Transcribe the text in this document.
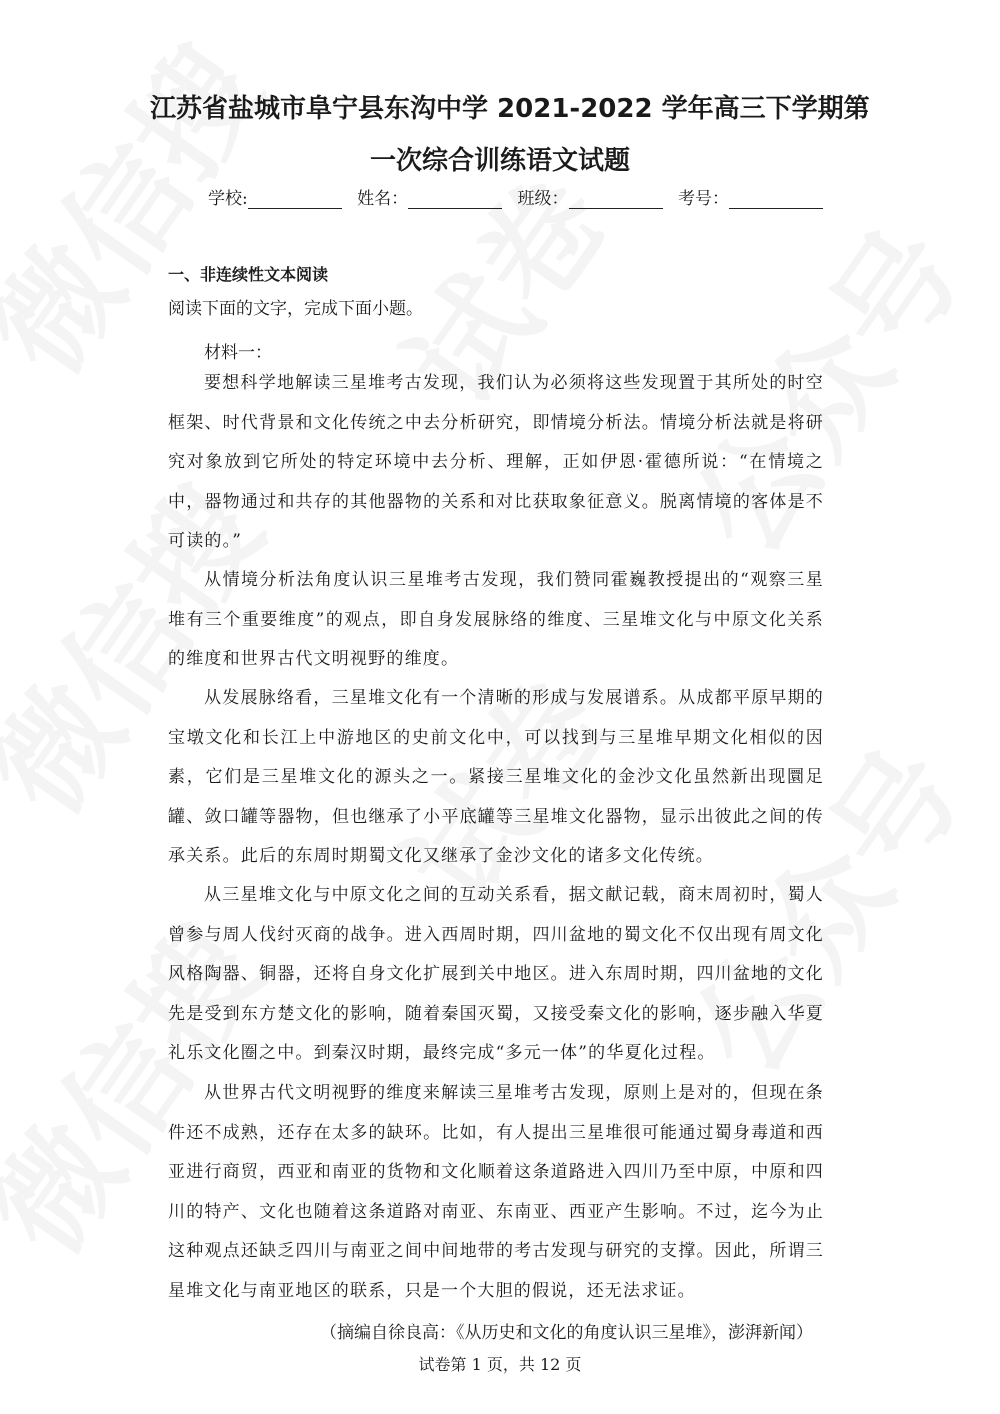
江苏省盐城市阜宁县东沟中学 2021-2022 学年高三下学期第
一次综合训练语文试题
学校:	姓名：	班级：	考号：
一、非连续性文本阅读
阅读下面的文字，完成下面小题。
材料一：
要想科学地解读三星堆考古发现，我们认为必须将这些发现置于其所处的时空框架、时代背景和文化传统之中去分析研究，即情境分析法。情境分析法就是将研究对象放到它所处的特定环境中去分析、理解，正如伊恩·霍德所说：“在情境之中，器物通过和共存的其他器物的关系和对比获取象征意义。脱离情境的客体是不可读的。”
从情境分析法角度认识三星堆考古发现，我们赞同霍巍教授提出的“观察三星堆有三个重要维度”的观点，即自身发展脉络的维度、三星堆文化与中原文化关系的维度和世界古代文明视野的维度。
从发展脉络看，三星堆文化有一个清晰的形成与发展谱系。从成都平原早期的宝墩文化和长江上中游地区的史前文化中，可以找到与三星堆早期文化相似的因素，它们是三星堆文化的源头之一。紧接三星堆文化的金沙文化虽然新出现圜足罐、敛口罐等器物，但也继承了小平底罐等三星堆文化器物，显示出彼此之间的传承关系。此后的东周时期蜀文化又继承了金沙文化的诸多文化传统。
从三星堆文化与中原文化之间的互动关系看，据文献记载，商末周初时，蜀人曾参与周人伐纣灭商的战争。进入西周时期，四川盆地的蜀文化不仅出现有周文化风格陶器、铜器，还将自身文化扩展到关中地区。进入东周时期，四川盆地的文化先是受到东方楚文化的影响，随着秦国灭蜀，又接受秦文化的影响，逐步融入华夏礼乐文化圈之中。到秦汉时期，最终完成“多元一体”的华夏化过程。
从世界古代文明视野的维度来解读三星堆考古发现，原则上是对的，但现在条件还不成熟，还存在太多的缺环。比如，有人提出三星堆很可能通过蜀身毒道和西亚进行商贸，西亚和南亚的货物和文化顺着这条道路进入四川乃至中原，中原和四川的特产、文化也随着这条道路对南亚、东南亚、西亚产生影响。不过，迄今为止这种观点还缺乏四川与南亚之间中间地带的考古发现与研究的支撑。因此，所谓三星堆文化与南亚地区的联系，只是一个大胆的假说，还无法求证。
（摘编自徐良高：《从历史和文化的角度认识三星堆》，澎湃新闻）
试卷第 1 页，共 12 页
